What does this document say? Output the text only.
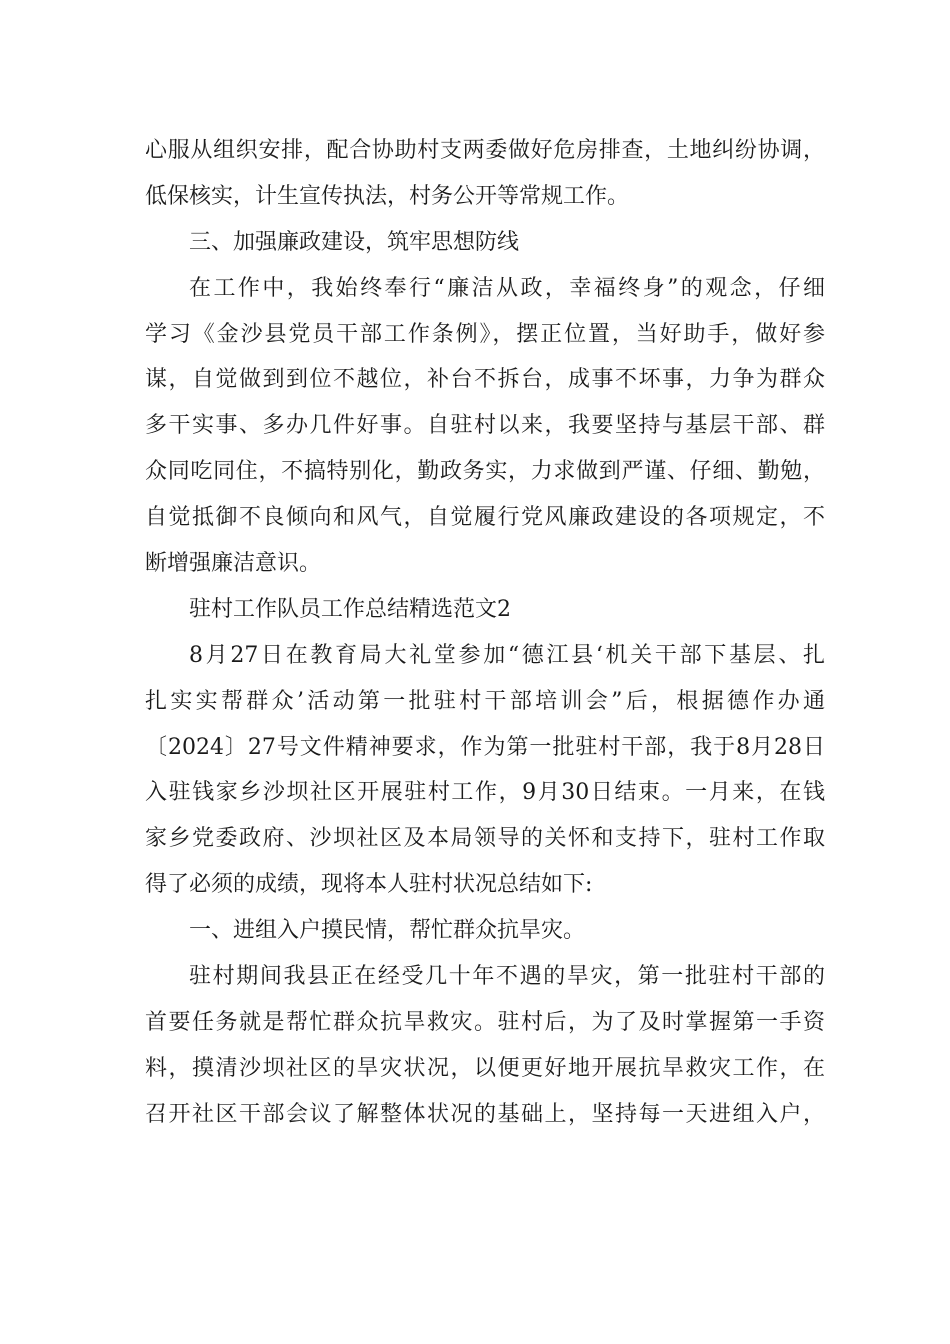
心服从组织安排，配合协助村支两委做好危房排查，土地纠纷协调，
低保核实，计生宣传执法，村务公开等常规工作。
三、加强廉政建设，筑牢思想防线
在工作中，我始终奉行“廉洁从政，幸福终身”的观念，仔细
学习《金沙县党员干部工作条例》，摆正位置，当好助手，做好参
谋，自觉做到到位不越位，补台不拆台，成事不坏事，力争为群众
多干实事、多办几件好事。自驻村以来，我要坚持与基层干部、群
众同吃同住，不搞特别化，勤政务实，力求做到严谨、仔细、勤勉，
自觉抵御不良倾向和风气，自觉履行党风廉政建设的各项规定，不
断增强廉洁意识。
驻村工作队员工作总结精选范文2
8月27日在教育局大礼堂参加“德江县‘机关干部下基层、扎
扎实实帮群众’活动第一批驻村干部培训会”后，根据德作办通
〔2024〕27号文件精神要求，作为第一批驻村干部，我于8月28日
入驻钱家乡沙坝社区开展驻村工作，9月30日结束。一月来，在钱
家乡党委政府、沙坝社区及本局领导的关怀和支持下，驻村工作取
得了必须的成绩，现将本人驻村状况总结如下:
一、进组入户摸民情，帮忙群众抗旱灾。
驻村期间我县正在经受几十年不遇的旱灾，第一批驻村干部的
首要任务就是帮忙群众抗旱救灾。驻村后，为了及时掌握第一手资
料，摸清沙坝社区的旱灾状况，以便更好地开展抗旱救灾工作，在
召开社区干部会议了解整体状况的基础上，坚持每一天进组入户，
